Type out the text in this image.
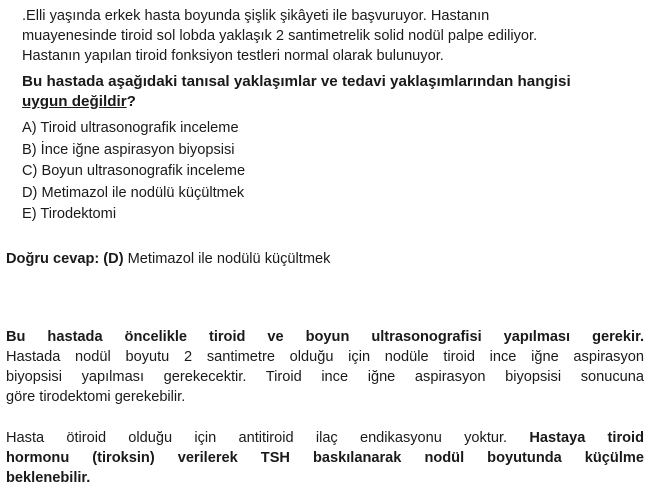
.Elli yaşında erkek hasta boyunda şişlik şikâyeti ile başvuruyor. Hastanın
muayenesinde tiroid sol lobda yaklaşık 2 santimetrelik solid nodül palpe ediliyor.
Hastanın yapılan tiroid fonksiyon testleri normal olarak bulunuyor.

Bu hastada aşağıdaki tanısal yaklaşımlar ve tedavi yaklaşımlarından hangisi
uygun değildir?

A) Tiroid ultrasonografik inceleme
B) İnce iğne aspirasyon biyopsisi
C) Boyun ultrasonografik inceleme
D) Metimazol ile nodülü küçültmek
E) Tirodektomi
Doğru cevap: (D) Metimazol ile nodülü küçültmek

Bu hastada öncelikle tiroid ve boyun ultrasonografisi yapılması gerekir.
Hastada nodül boyutu 2 santimetre olduğu için nodüle tiroid ince iğne aspirasyon
biyopsisi yapılması gerekecektir. Tiroid ince iğne aspirasyon biyopsisi sonucuna
göre tirodektomi gerekebilir.

Hasta ötiroid olduğu için antitiroid ilaç endikasyonu yoktur. Hastaya tiroid
hormonu (tiroksin) verilerek TSH baskılanarak nodül boyutunda küçülme
beklenebilir.
